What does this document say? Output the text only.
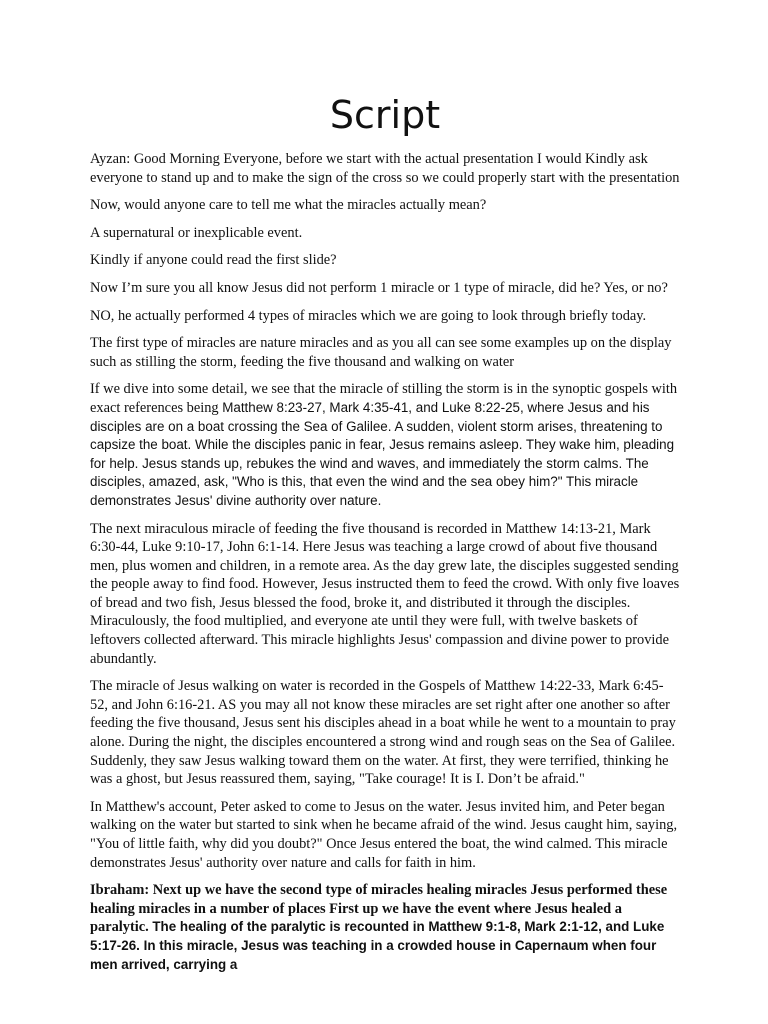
Script

Ayzan: Good Morning Everyone, before we start with the actual presentation I would Kindly ask everyone to stand up and to make the sign of the cross so we could properly start with the presentation

Now, would anyone care to tell me what the miracles actually mean?

A supernatural or inexplicable event.

Kindly if anyone could read the first slide?

Now I’m sure you all know Jesus did not perform 1 miracle or 1 type of miracle, did he? Yes, or no?

NO, he actually performed 4 types of miracles which we are going to look through briefly today.

The first type of miracles are nature miracles and as you all can see some examples up on the display such as stilling the storm, feeding the five thousand and walking on water

If we dive into some detail, we see that the miracle of stilling the storm is in the synoptic gospels with exact references being Matthew 8:23-27, Mark 4:35-41, and Luke 8:22-25, where Jesus and his disciples are on a boat crossing the Sea of Galilee. A sudden, violent storm arises, threatening to capsize the boat. While the disciples panic in fear, Jesus remains asleep. They wake him, pleading for help. Jesus stands up, rebukes the wind and waves, and immediately the storm calms. The disciples, amazed, ask, "Who is this, that even the wind and the sea obey him?" This miracle demonstrates Jesus' divine authority over nature.

The next miraculous miracle of feeding the five thousand is recorded in Matthew 14:13-21, Mark 6:30-44, Luke 9:10-17, John 6:1-14. Here Jesus was teaching a large crowd of about five thousand men, plus women and children, in a remote area. As the day grew late, the disciples suggested sending the people away to find food. However, Jesus instructed them to feed the crowd. With only five loaves of bread and two fish, Jesus blessed the food, broke it, and distributed it through the disciples. Miraculously, the food multiplied, and everyone ate until they were full, with twelve baskets of leftovers collected afterward. This miracle highlights Jesus' compassion and divine power to provide abundantly.

The miracle of Jesus walking on water is recorded in the Gospels of Matthew 14:22-33, Mark 6:45-52, and John 6:16-21. AS you may all not know these miracles are set right after one another so after feeding the five thousand, Jesus sent his disciples ahead in a boat while he went to a mountain to pray alone. During the night, the disciples encountered a strong wind and rough seas on the Sea of Galilee. Suddenly, they saw Jesus walking toward them on the water. At first, they were terrified, thinking he was a ghost, but Jesus reassured them, saying, "Take courage! It is I. Don’t be afraid."

In Matthew's account, Peter asked to come to Jesus on the water. Jesus invited him, and Peter began walking on the water but started to sink when he became afraid of the wind. Jesus caught him, saying, "You of little faith, why did you doubt?" Once Jesus entered the boat, the wind calmed. This miracle demonstrates Jesus' authority over nature and calls for faith in him.

Ibraham: Next up we have the second type of miracles healing miracles Jesus performed these healing miracles in a number of places First up we have the event where Jesus healed a paralytic. The healing of the paralytic is recounted in Matthew 9:1-8, Mark 2:1-12, and Luke 5:17-26. In this miracle, Jesus was teaching in a crowded house in Capernaum when four men arrived, carrying a
